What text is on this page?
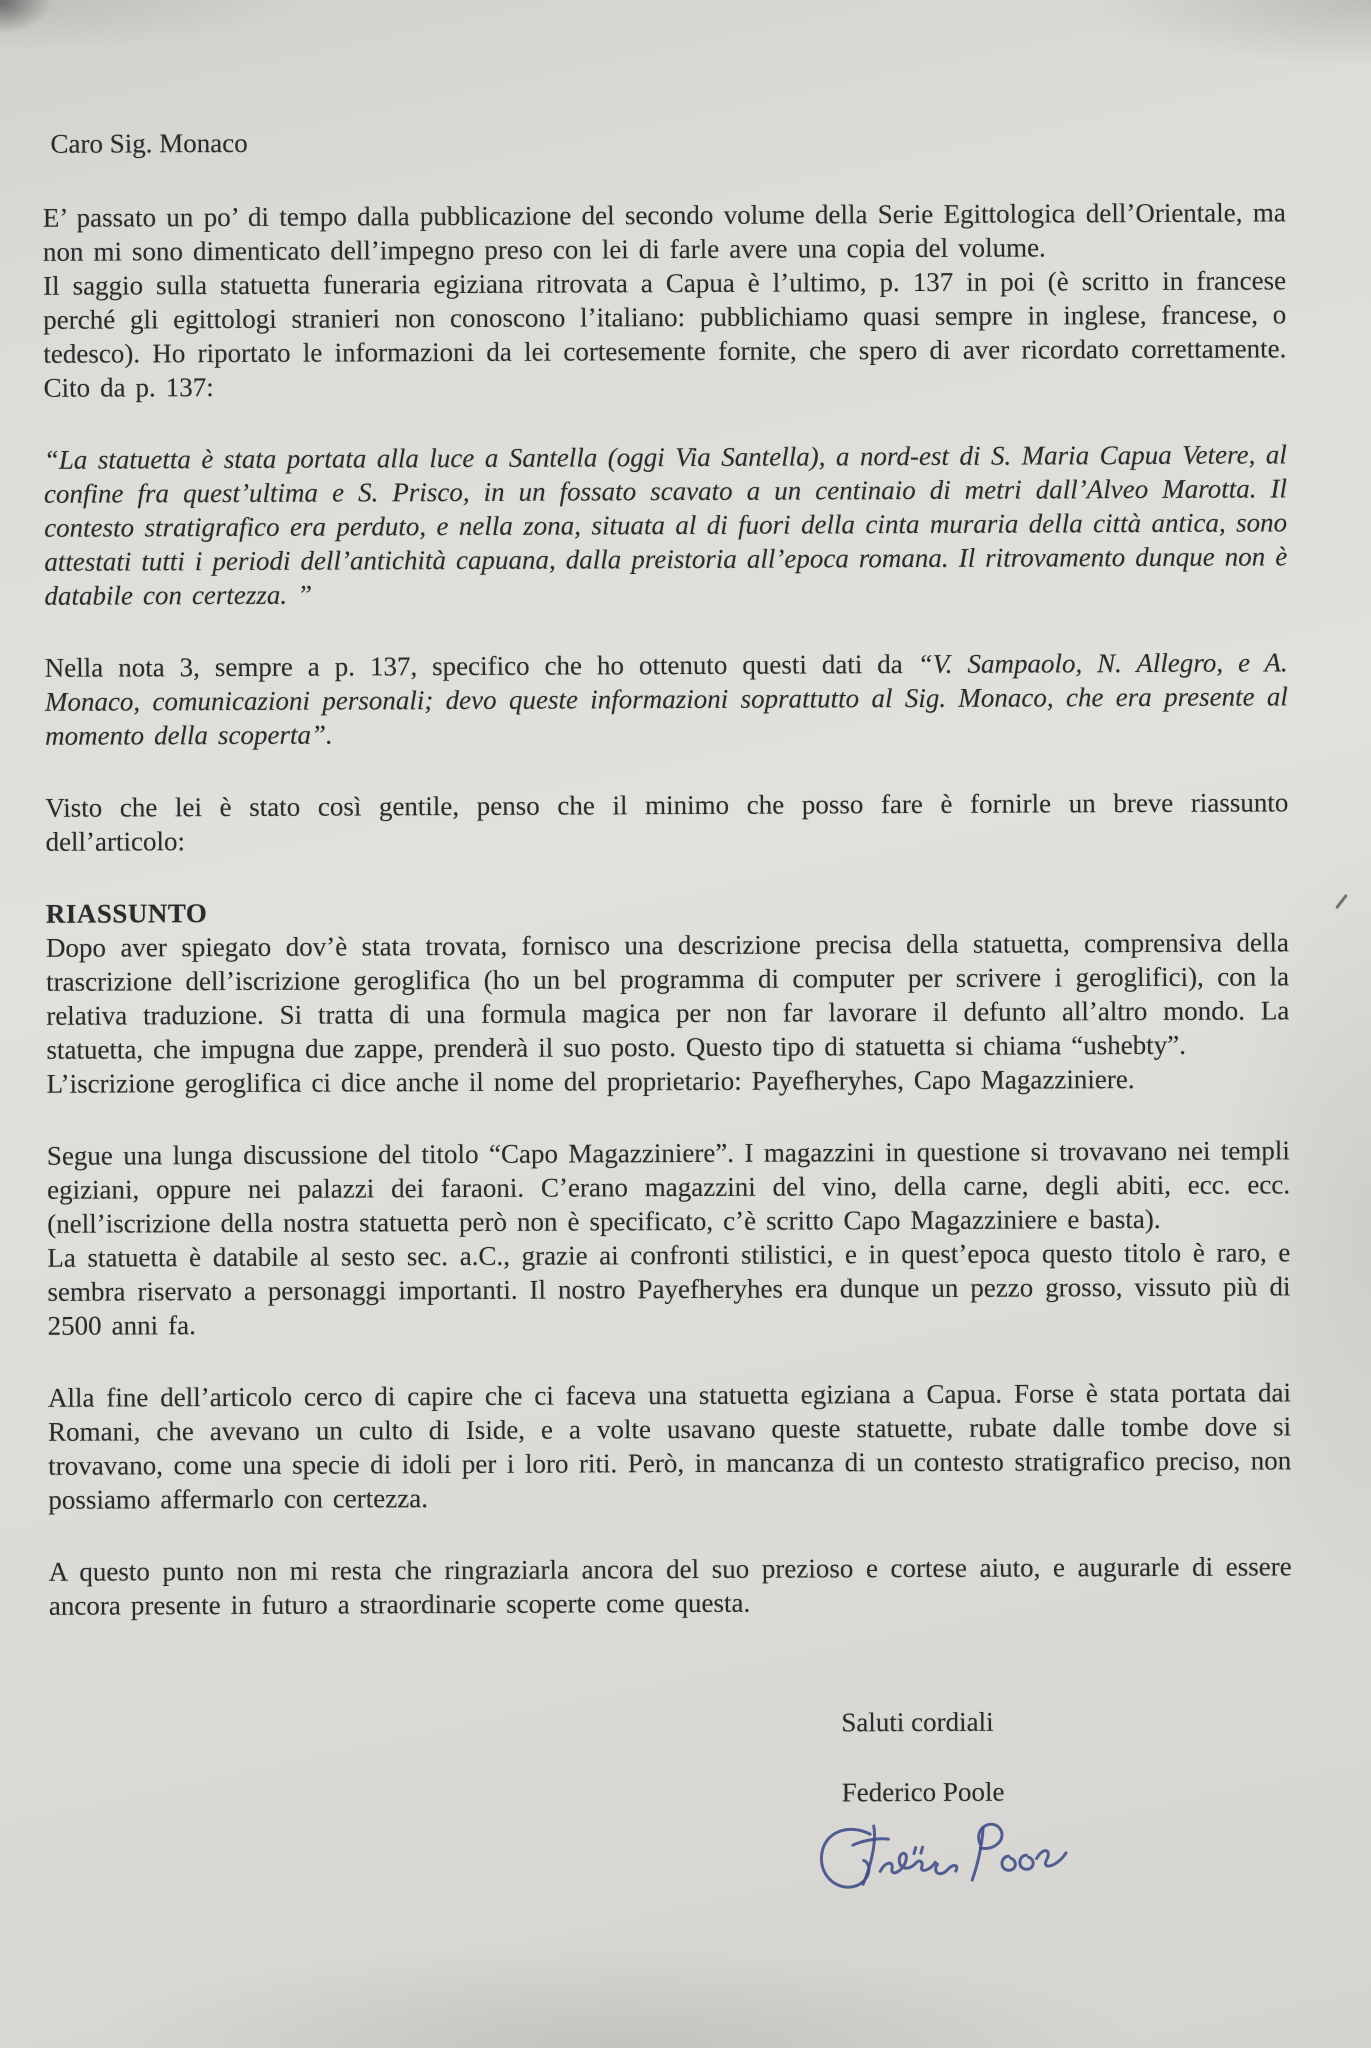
Caro Sig. Monaco

E’ passato un po’ di tempo dalla pubblicazione del secondo volume della Serie Egittologica dell’Orientale, ma non mi sono dimenticato dell’impegno preso con lei di farle avere una copia del volume.

Il saggio sulla statuetta funeraria egiziana ritrovata a Capua è l’ultimo, p. 137 in poi (è scritto in francese perché gli egittologi stranieri non conoscono l’italiano: pubblichiamo quasi sempre in inglese, francese, o tedesco). Ho riportato le informazioni da lei cortesemente fornite, che spero di aver ricordato correttamente. Cito da p. 137:

“La statuetta è stata portata alla luce a Santella (oggi Via Santella), a nord-est di S. Maria Capua Vetere, al confine fra quest’ultima e S. Prisco, in un fossato scavato a un centinaio di metri dall’Alveo Marotta. Il contesto stratigrafico era perduto, e nella zona, situata al di fuori della cinta muraria della città antica, sono attestati tutti i periodi dell’antichità capuana, dalla preistoria all’epoca romana. Il ritrovamento dunque non è databile con certezza. ”

Nella nota 3, sempre a p. 137, specifico che ho ottenuto questi dati da “V. Sampaolo, N. Allegro, e A. Monaco, comunicazioni personali; devo queste informazioni soprattutto al Sig. Monaco, che era presente al momento della scoperta”.

Visto che lei è stato così gentile, penso che il minimo che posso fare è fornirle un breve riassunto dell’articolo:

RIASSUNTO

Dopo aver spiegato dov’è stata trovata, fornisco una descrizione precisa della statuetta, comprensiva della trascrizione dell’iscrizione geroglifica (ho un bel programma di computer per scrivere i geroglifici), con la relativa traduzione. Si tratta di una formula magica per non far lavorare il defunto all’altro mondo. La statuetta, che impugna due zappe, prenderà il suo posto. Questo tipo di statuetta si chiama “ushebty”.

L’iscrizione geroglifica ci dice anche il nome del proprietario: Payefheryhes, Capo Magazziniere.

Segue una lunga discussione del titolo “Capo Magazziniere”. I magazzini in questione si trovavano nei templi egiziani, oppure nei palazzi dei faraoni. C’erano magazzini del vino, della carne, degli abiti, ecc. ecc. (nell’iscrizione della nostra statuetta però non è specificato, c’è scritto Capo Magazziniere e basta).

La statuetta è databile al sesto sec. a.C., grazie ai confronti stilistici, e in quest’epoca questo titolo è raro, e sembra riservato a personaggi importanti. Il nostro Payefheryhes era dunque un pezzo grosso, vissuto più di 2500 anni fa.

Alla fine dell’articolo cerco di capire che ci faceva una statuetta egiziana a Capua. Forse è stata portata dai Romani, che avevano un culto di Iside, e a volte usavano queste statuette, rubate dalle tombe dove si trovavano, come una specie di idoli per i loro riti. Però, in mancanza di un contesto stratigrafico preciso, non possiamo affermarlo con certezza.

A questo punto non mi resta che ringraziarla ancora del suo prezioso e cortese aiuto, e augurarle di essere ancora presente in futuro a straordinarie scoperte come questa.

Saluti cordiali

Federico Poole
